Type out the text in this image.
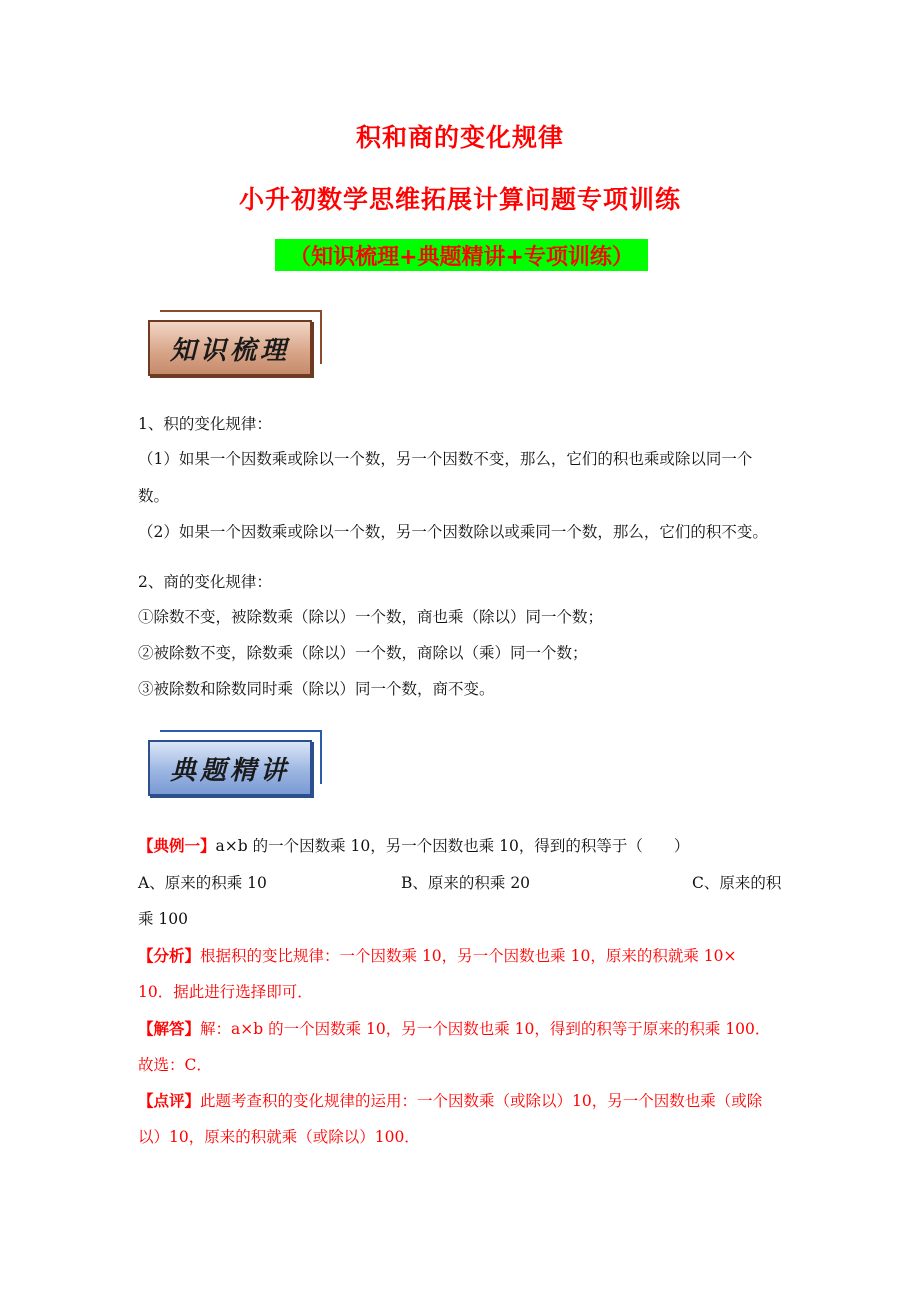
积和商的变化规律
小升初数学思维拓展计算问题专项训练
（知识梳理+典题精讲+专项训练）
知识梳理
1、积的变化规律：
（1）如果一个因数乘或除以一个数，另一个因数不变，那么，它们的积也乘或除以同一个
数。
（2）如果一个因数乘或除以一个数，另一个因数除以或乘同一个数，那么，它们的积不变。
2、商的变化规律：
①除数不变，被除数乘（除以）一个数，商也乘（除以）同一个数；
②被除数不变，除数乘（除以）一个数，商除以（乘）同一个数；
③被除数和除数同时乘（除以）同一个数，商不变。
典题精讲
【典例一】a×b 的一个因数乘 10，另一个因数也乘 10，得到的积等于（　　）
A、原来的积乘 10	B、原来的积乘 20	C、原来的积
乘 100
【分析】根据积的变比规律：一个因数乘 10，另一个因数也乘 10，原来的积就乘 10×
10．据此进行选择即可．
【解答】解：a×b 的一个因数乘 10，另一个因数也乘 10，得到的积等于原来的积乘 100．
故选：C．
【点评】此题考查积的变化规律的运用：一个因数乘（或除以）10，另一个因数也乘（或除
以）10，原来的积就乘（或除以）100．
